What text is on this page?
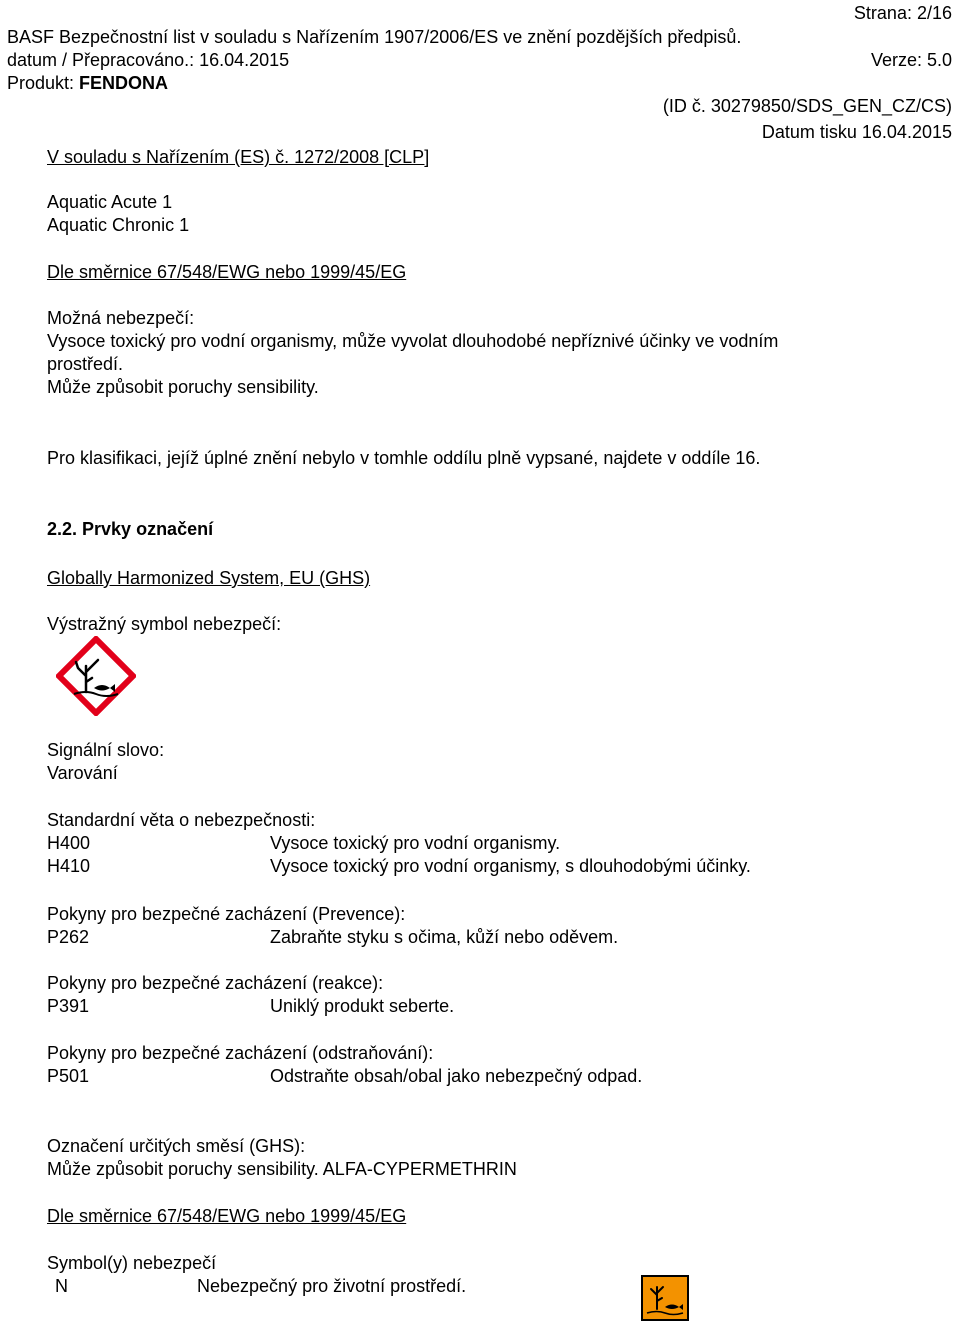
Strana: 2/16
BASF Bezpečnostní list v souladu s Nařízením 1907/2006/ES ve znění pozdějších předpisů.
datum / Přepracováno.: 16.04.2015	Verze: 5.0
Produkt: FENDONA
(ID č. 30279850/SDS_GEN_CZ/CS)
Datum tisku 16.04.2015
V souladu s Nařízením (ES) č. 1272/2008 [CLP]
Aquatic Acute 1
Aquatic Chronic 1
Dle směrnice 67/548/EWG nebo 1999/45/EG
Možná nebezpečí:
Vysoce toxický pro vodní organismy, může vyvolat dlouhodobé nepříznivé účinky ve vodním
prostředí.
Může způsobit poruchy sensibility.
Pro klasifikaci, jejíž úplné znění nebylo v tomhle oddílu plně vypsané, najdete v oddíle 16.
2.2. Prvky označení
Globally Harmonized System, EU (GHS)
Výstražný symbol nebezpečí:
Signální slovo:
Varování
Standardní věta o nebezpečnosti:
H400	Vysoce toxický pro vodní organismy.
H410	Vysoce toxický pro vodní organismy, s dlouhodobými účinky.
Pokyny pro bezpečné zacházení (Prevence):
P262	Zabraňte styku s očima, kůží nebo oděvem.
Pokyny pro bezpečné zacházení (reakce):
P391	Uniklý produkt seberte.
Pokyny pro bezpečné zacházení (odstraňování):
P501	Odstraňte obsah/obal jako nebezpečný odpad.
Označení určitých směsí (GHS):
Může způsobit poruchy sensibility. ALFA-CYPERMETHRIN
Dle směrnice 67/548/EWG nebo 1999/45/EG
Symbol(y) nebezpečí
N	Nebezpečný pro životní prostředí.
